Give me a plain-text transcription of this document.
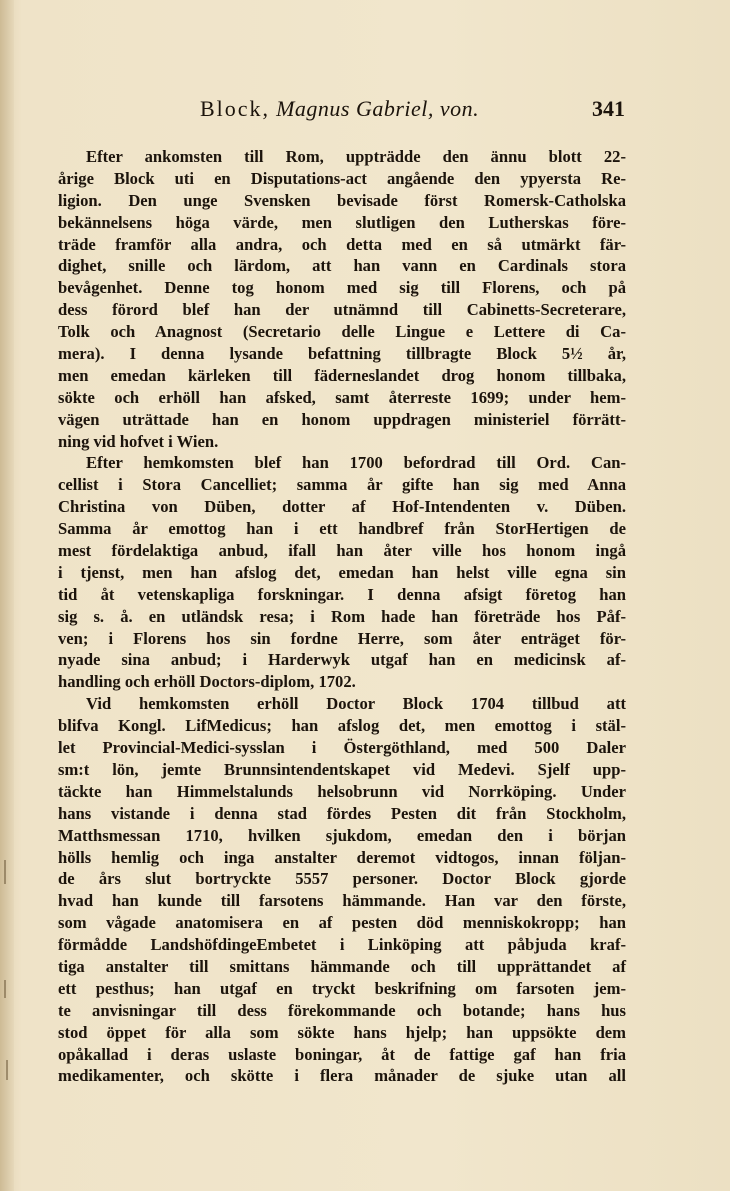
Block, Magnus Gabriel, von.	341
Efter ankomsten till Rom, uppträdde den ännu blott 22-
årige Block uti en Disputations-act angående den ypyersta Re-
ligion. Den unge Svensken bevisade först Romersk-Catholska
bekännelsens höga värde, men slutligen den Lutherskas före-
träde framför alla andra, och detta med en så utmärkt fär-
dighet, snille och lärdom, att han vann en Cardinals stora
bevågenhet. Denne tog honom med sig till Florens, och på
dess förord blef han der utnämnd till Cabinetts-Secreterare,
Tolk och Anagnost (Secretario delle Lingue e Lettere di Ca-
mera). I denna lysande befattning tillbragte Block 5½ år,
men emedan kärleken till fäderneslandet drog honom tillbaka,
sökte och erhöll han afsked, samt återreste 1699; under hem-
vägen uträttade han en honom uppdragen ministeriel förrätt-
ning vid hofvet i Wien.
Efter hemkomsten blef han 1700 befordrad till Ord. Can-
cellist i Stora Cancelliet; samma år gifte han sig med Anna
Christina von Düben, dotter af Hof-Intendenten v. Düben.
Samma år emottog han i ett handbref från StorHertigen de
mest fördelaktiga anbud, ifall han åter ville hos honom ingå
i tjenst, men han afslog det, emedan han helst ville egna sin
tid åt vetenskapliga forskningar. I denna afsigt företog han
sig s. å. en utländsk resa; i Rom hade han företräde hos Påf-
ven; i Florens hos sin fordne Herre, som åter enträget för-
nyade sina anbud; i Harderwyk utgaf han en medicinsk af-
handling och erhöll Doctors-diplom, 1702.
Vid hemkomsten erhöll Doctor Block 1704 tillbud att
blifva Kongl. LifMedicus; han afslog det, men emottog i stäl-
let Provincial-Medici-sysslan i Östergöthland, med 500 Daler
sm:t lön, jemte Brunnsintendentskapet vid Medevi. Sjelf upp-
täckte han Himmelstalunds helsobrunn vid Norrköping. Under
hans vistande i denna stad fördes Pesten dit från Stockholm,
Matthsmessan 1710, hvilken sjukdom, emedan den i början
hölls hemlig och inga anstalter deremot vidtogos, innan följan-
de års slut bortryckte 5557 personer. Doctor Block gjorde
hvad han kunde till farsotens hämmande. Han var den förste,
som vågade anatomisera en af pesten död menniskokropp; han
förmådde LandshöfdingeEmbetet i Linköping att påbjuda kraf-
tiga anstalter till smittans hämmande och till upprättandet af
ett pesthus; han utgaf en tryckt beskrifning om farsoten jem-
te anvisningar till dess förekommande och botande; hans hus
stod öppet för alla som sökte hans hjelp; han uppsökte dem
opåkallad i deras uslaste boningar, åt de fattige gaf han fria
medikamenter, och skötte i flera månader de sjuke utan all
